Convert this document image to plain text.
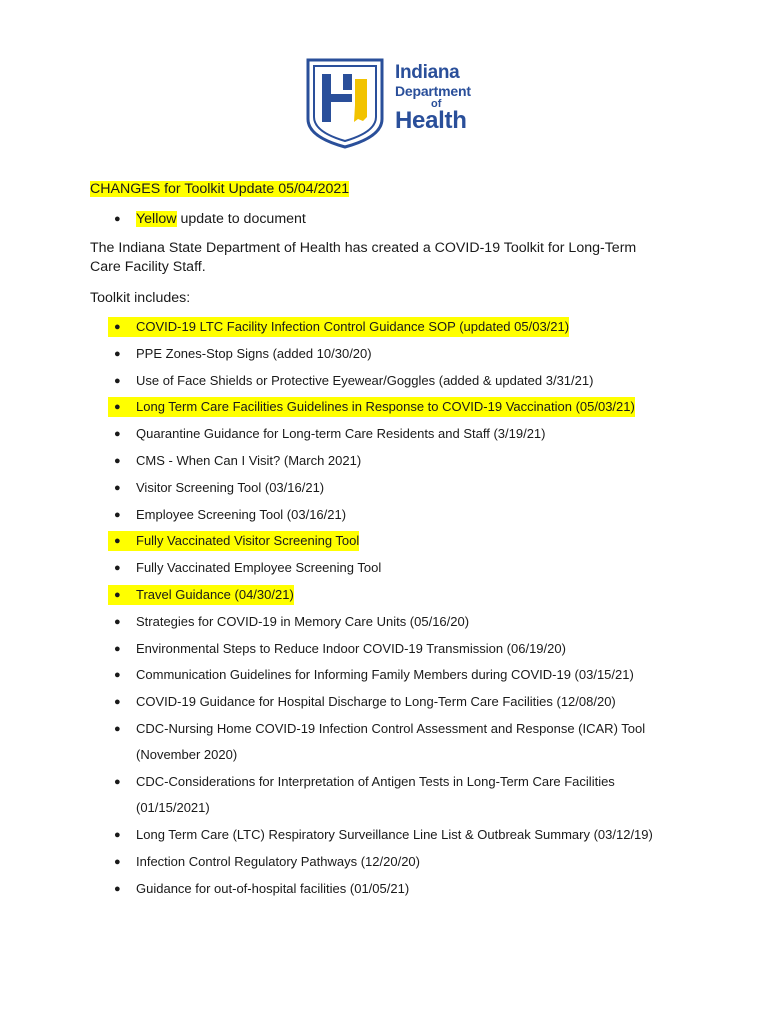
Indiana
Department
of
Health
CHANGES for Toolkit Update 05/04/2021
● Yellow update to document
The Indiana State Department of Health has created a COVID-19 Toolkit for Long-Term Care Facility Staff.
Toolkit includes:
● COVID-19 LTC Facility Infection Control Guidance SOP (updated 05/03/21)
● PPE Zones-Stop Signs (added 10/30/20)
● Use of Face Shields or Protective Eyewear/Goggles (added & updated 3/31/21)
● Long Term Care Facilities Guidelines in Response to COVID-19 Vaccination (05/03/21)
● Quarantine Guidance for Long-term Care Residents and Staff (3/19/21)
● CMS - When Can I Visit? (March 2021)
● Visitor Screening Tool (03/16/21)
● Employee Screening Tool (03/16/21)
● Fully Vaccinated Visitor Screening Tool
● Fully Vaccinated Employee Screening Tool
● Travel Guidance (04/30/21)
● Strategies for COVID-19 in Memory Care Units (05/16/20)
● Environmental Steps to Reduce Indoor COVID-19 Transmission (06/19/20)
● Communication Guidelines for Informing Family Members during COVID-19 (03/15/21)
● COVID-19 Guidance for Hospital Discharge to Long-Term Care Facilities (12/08/20)
● CDC-Nursing Home COVID-19 Infection Control Assessment and Response (ICAR) Tool
(November 2020)
● CDC-Considerations for Interpretation of Antigen Tests in Long-Term Care Facilities
(01/15/2021)
● Long Term Care (LTC) Respiratory Surveillance Line List & Outbreak Summary (03/12/19)
● Infection Control Regulatory Pathways (12/20/20)
● Guidance for out-of-hospital facilities (01/05/21)
